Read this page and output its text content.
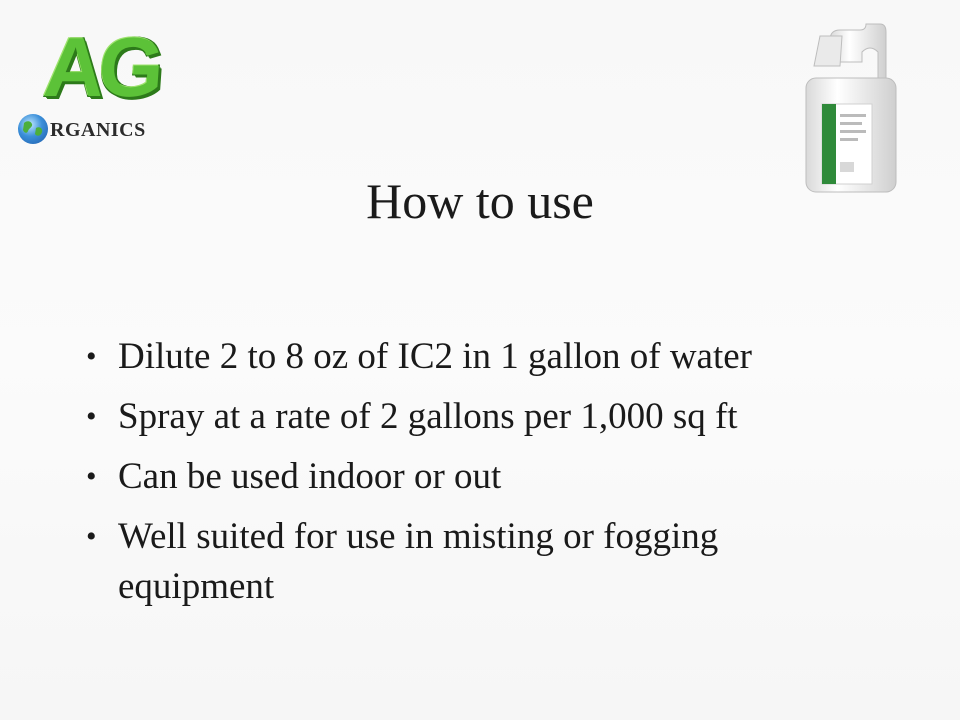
AG
RGANICS
How to use
• Dilute 2 to 8 oz of IC2 in 1 gallon of water
• Spray at a rate of 2 gallons per 1,000 sq ft
• Can be used indoor or out
• Well suited for use in misting or fogging equipment
